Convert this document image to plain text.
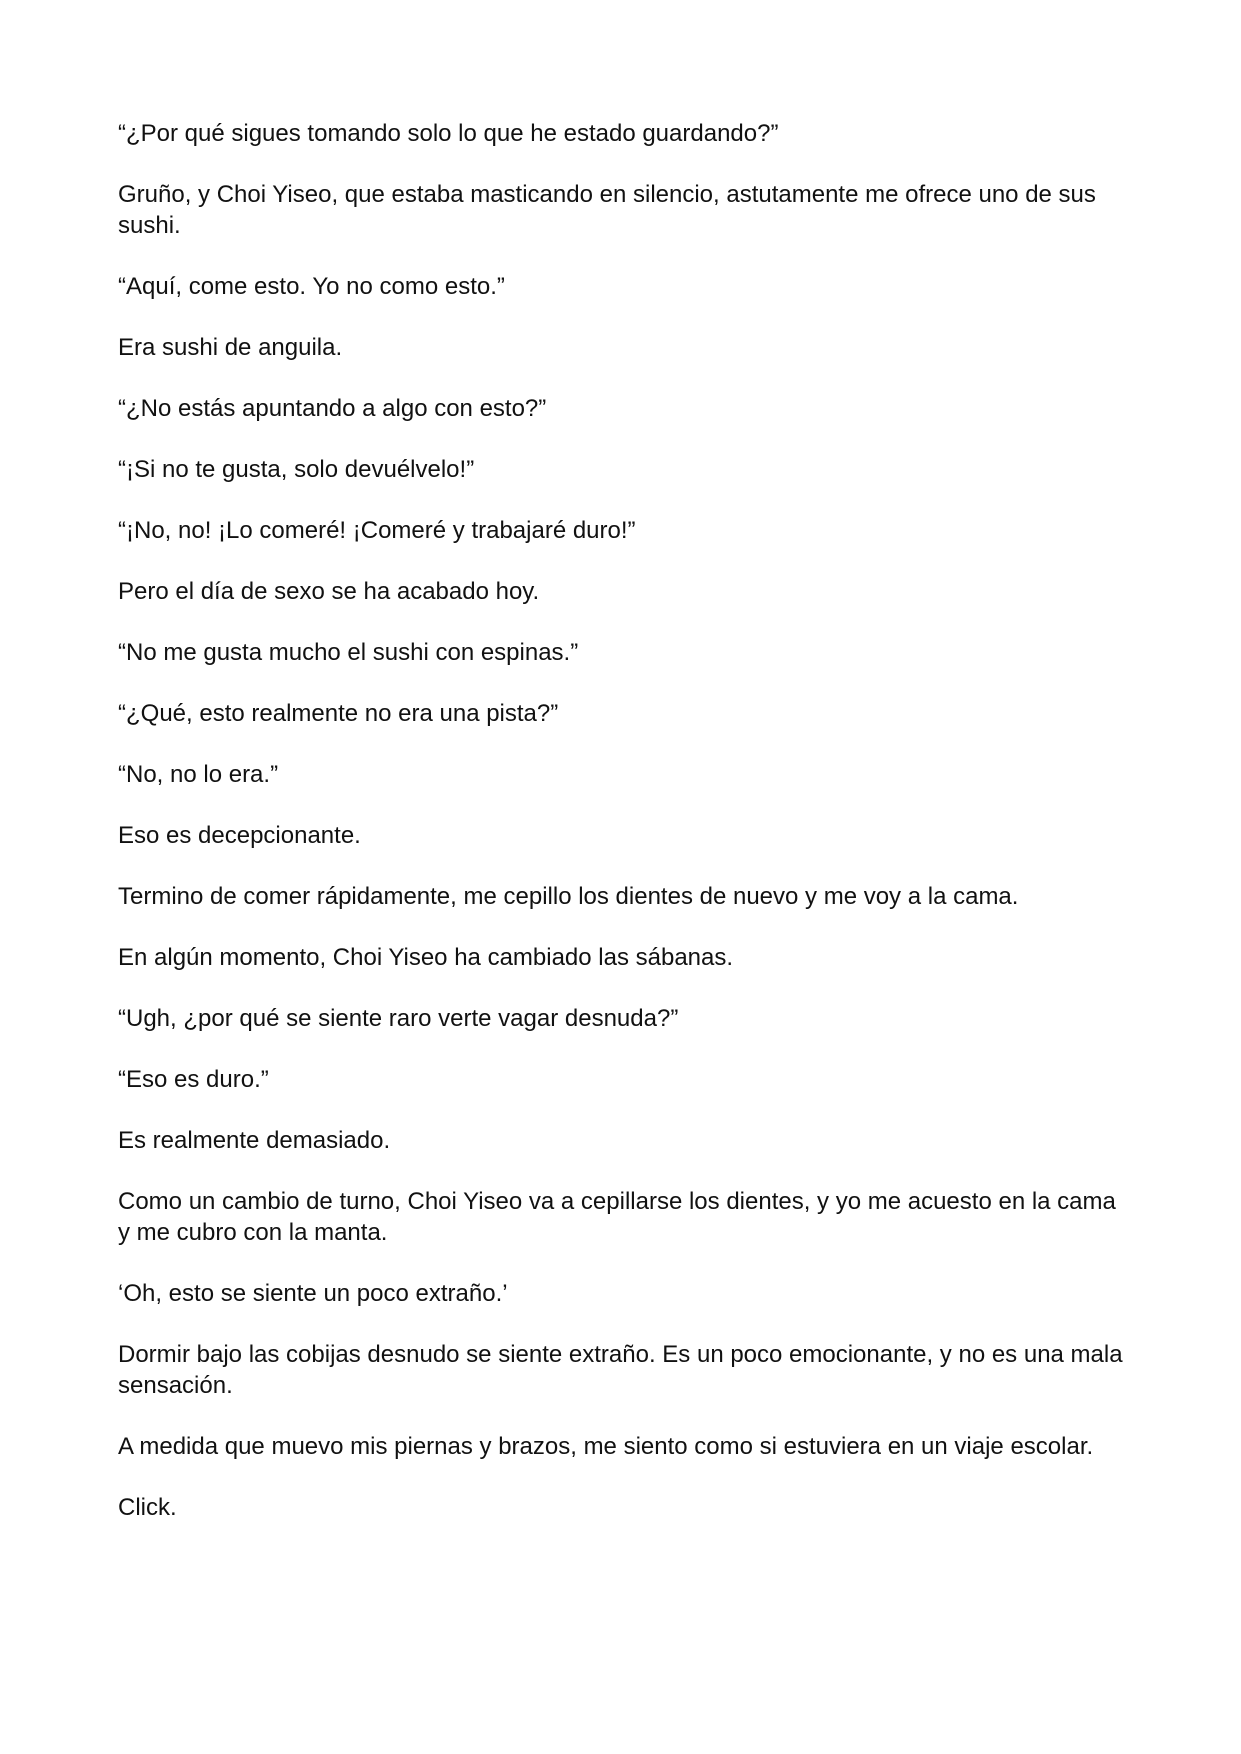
“¿Por qué sigues tomando solo lo que he estado guardando?”

Gruño, y Choi Yiseo, que estaba masticando en silencio, astutamente me ofrece uno de sus sushi.

“Aquí, come esto. Yo no como esto.”

Era sushi de anguila.

“¿No estás apuntando a algo con esto?”

“¡Si no te gusta, solo devuélvelo!”

“¡No, no! ¡Lo comeré! ¡Comeré y trabajaré duro!”

Pero el día de sexo se ha acabado hoy.

“No me gusta mucho el sushi con espinas.”

“¿Qué, esto realmente no era una pista?”

“No, no lo era.”

Eso es decepcionante.

Termino de comer rápidamente, me cepillo los dientes de nuevo y me voy a la cama.

En algún momento, Choi Yiseo ha cambiado las sábanas.

“Ugh, ¿por qué se siente raro verte vagar desnuda?”

“Eso es duro.”

Es realmente demasiado.

Como un cambio de turno, Choi Yiseo va a cepillarse los dientes, y yo me acuesto en la cama y me cubro con la manta.

‘Oh, esto se siente un poco extraño.’

Dormir bajo las cobijas desnudo se siente extraño. Es un poco emocionante, y no es una mala sensación.

A medida que muevo mis piernas y brazos, me siento como si estuviera en un viaje escolar.

Click.
